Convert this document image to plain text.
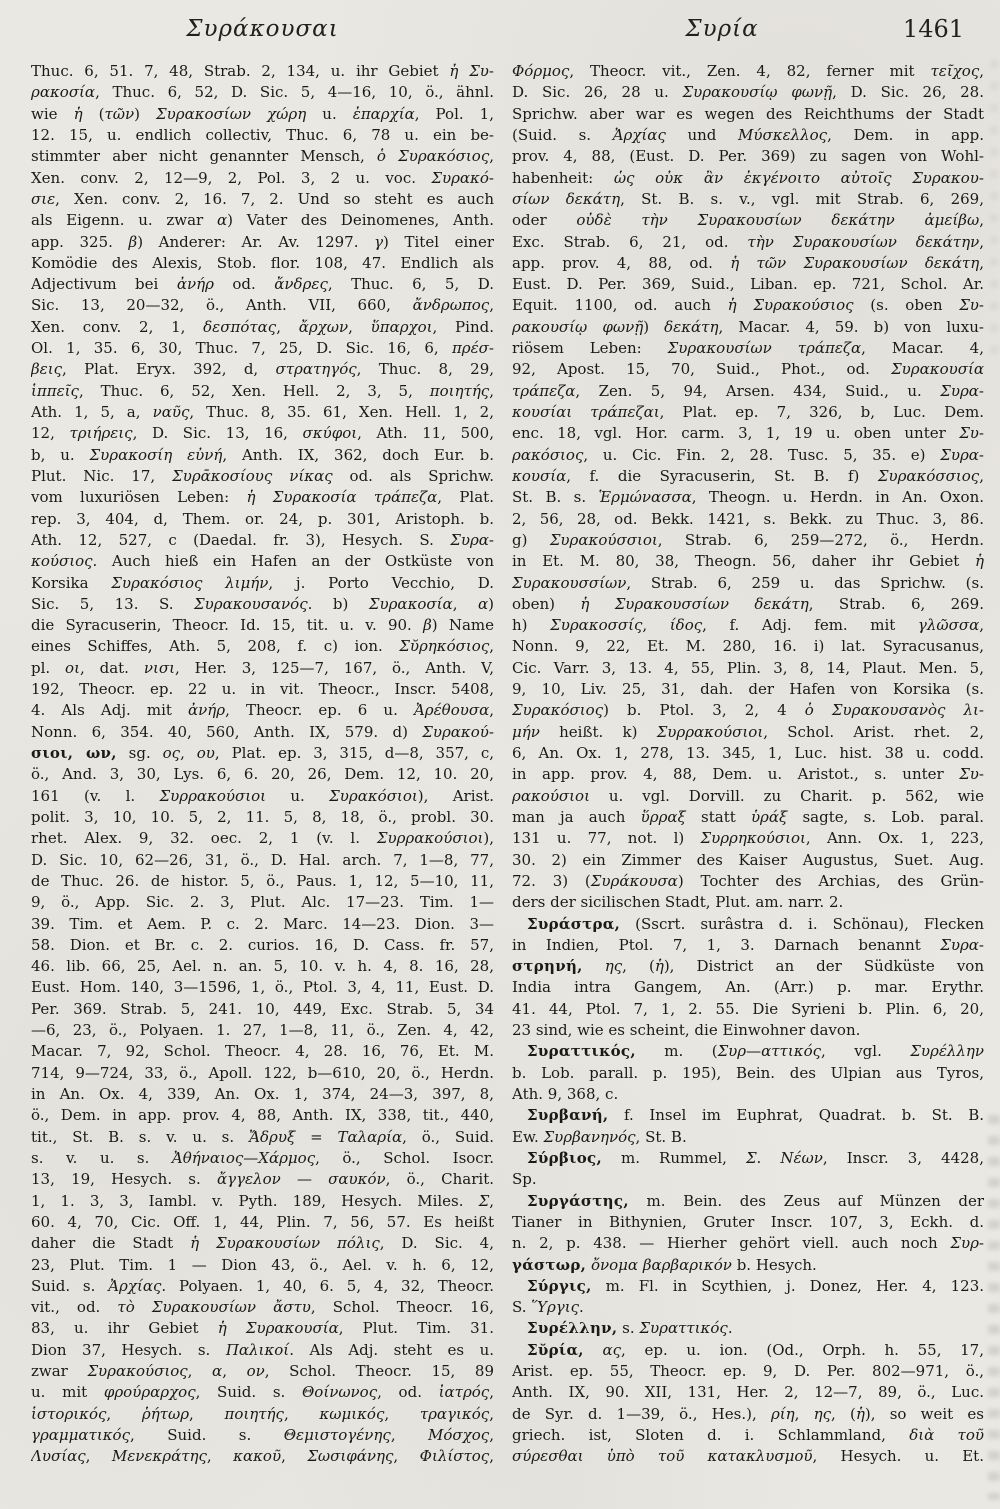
Συράκουσαι	Συρία	1461
Thuc. 6, 51. 7, 48, Strab. 2, 134, u. ihr Gebiet ἡ Συ-
ρακοσία, Thuc. 6, 52, D. Sic. 5, 4—16, 10, ö., ähnl.
wie ἡ (τῶν) Συρακοσίων χώρη u. ἐπαρχία, Pol. 1,
12. 15, u. endlich collectiv, Thuc. 6, 78 u. ein be-
stimmter aber nicht genannter Mensch, ὁ Συρακόσιος,
Xen. conv. 2, 12—9, 2, Pol. 3, 2 u. voc. Συρακό-
σιε, Xen. conv. 2, 16. 7, 2. Und so steht es auch
als Eigenn. u. zwar α) Vater des Deinomenes, Anth.
app. 325. β) Anderer: Ar. Av. 1297. γ) Titel einer
Komödie des Alexis, Stob. flor. 108, 47. Endlich als
Adjectivum bei ἀνήρ od. ἄνδρες, Thuc. 6, 5, D.
Sic. 13, 20—32, ö., Anth. VII, 660, ἄνδρωπος,
Xen. conv. 2, 1, δεσπότας, ἄρχων, ὕπαρχοι, Pind.
Ol. 1, 35. 6, 30, Thuc. 7, 25, D. Sic. 16, 6, πρέσ-
βεις, Plat. Eryx. 392, d, στρατηγός, Thuc. 8, 29,
ἱππεῖς, Thuc. 6, 52, Xen. Hell. 2, 3, 5, ποιητής,
Ath. 1, 5, a, ναῦς, Thuc. 8, 35. 61, Xen. Hell. 1, 2,
12, τριήρεις, D. Sic. 13, 16, σκύφοι, Ath. 11, 500,
b, u. Συρακοσίη εὐνή, Anth. IX, 362, doch Eur. b.
Plut. Nic. 17, Συρᾱκοσίους νίκας od. als Sprichw.
vom luxuriösen Leben: ἡ Συρακοσία τράπεζα, Plat.
rep. 3, 404, d, Them. or. 24, p. 301, Aristoph. b.
Ath. 12, 527, c (Daedal. fr. 3), Hesych. S. Συρα-
κούσιος. Auch hieß ein Hafen an der Ostküste von
Korsika Συρακόσιος λιμήν, j. Porto Vecchio, D.
Sic. 5, 13. S. Συρακουσανός. b) Συρακοσία, α)
die Syracuserin, Theocr. Id. 15, tit. u. v. 90. β) Name
eines Schiffes, Ath. 5, 208, f. c) ion. Σῠρηκόσιος,
pl. οι, dat. νισι, Her. 3, 125—7, 167, ö., Anth. V,
192, Theocr. ep. 22 u. in vit. Theocr., Inscr. 5408,
4. Als Adj. mit ἀνήρ, Theocr. ep. 6 u. Ἀρέθουσα,
Nonn. 6, 354. 40, 560, Anth. IX, 579. d) Συρακού-
σιοι, ων, sg. ος, ου, Plat. ep. 3, 315, d—8, 357, c,
ö., And. 3, 30, Lys. 6, 6. 20, 26, Dem. 12, 10. 20,
161 (v. l. Συρρακούσιοι u. Συρακόσιοι), Arist.
polit. 3, 10, 10. 5, 2, 11. 5, 8, 18, ö., probl. 30.
rhet. Alex. 9, 32. oec. 2, 1 (v. l. Συρρακούσιοι),
D. Sic. 10, 62—26, 31, ö., D. Hal. arch. 7, 1—8, 77,
de Thuc. 26. de histor. 5, ö., Paus. 1, 12, 5—10, 11,
9, ö., App. Sic. 2. 3, Plut. Alc. 17—23. Tim. 1—
39. Tim. et Aem. P. c. 2. Marc. 14—23. Dion. 3—
58. Dion. et Br. c. 2. curios. 16, D. Cass. fr. 57,
46. lib. 66, 25, Ael. n. an. 5, 10. v. h. 4, 8. 16, 28,
Eust. Hom. 140, 3—1596, 1, ö., Ptol. 3, 4, 11, Eust. D.
Per. 369. Strab. 5, 241. 10, 449, Exc. Strab. 5, 34
—6, 23, ö., Polyaen. 1. 27, 1—8, 11, ö., Zen. 4, 42,
Macar. 7, 92, Schol. Theocr. 4, 28. 16, 76, Et. M.
714, 9—724, 33, ö., Apoll. 122, b—610, 20, ö., Herdn.
in An. Ox. 4, 339, An. Ox. 1, 374, 24—3, 397, 8,
ö., Dem. in app. prov. 4, 88, Anth. IX, 338, tit., 440,
tit., St. B. s. v. u. s. Ἄδρυξ = Ταλαρία, ö., Suid.
s. v. u. s. Ἀθήναιος—Χάρμος, ö., Schol. Isocr.
13, 19, Hesych. s. ἄγγελον — σαυκόν, ö., Charit.
1, 1. 3, 3, Iambl. v. Pyth. 189, Hesych. Miles. Σ,
60. 4, 70, Cic. Off. 1, 44, Plin. 7, 56, 57. Es heißt
daher die Stadt ἡ Συρακουσίων πόλις, D. Sic. 4,
23, Plut. Tim. 1 — Dion 43, ö., Ael. v. h. 6, 12,
Suid. s. Ἀρχίας. Polyaen. 1, 40, 6. 5, 4, 32, Theocr.
vit., od. τὸ Συρακουσίων ἄστυ, Schol. Theocr. 16,
83, u. ihr Gebiet ἡ Συρακουσία, Plut. Tim. 31.
Dion 37, Hesych. s. Παλικοί. Als Adj. steht es u.
zwar Συρακούσιος, α, ον, Schol. Theocr. 15, 89
u. mit φρούραρχος, Suid. s. Θοίνωνος, od. ἰατρός,
ἱστορικός, ῥήτωρ, ποιητής, κωμικός, τραγικός,
γραμματικός, Suid. s. Θεμιστογένης, Μόσχος,
Λυσίας, Μενεκράτης, κακοῦ, Σωσιφάνης, Φιλίστος,
Φόρμος, Theocr. vit., Zen. 4, 82, ferner mit τεῖχος,
D. Sic. 26, 28 u. Συρακουσίῳ φωνῇ, D. Sic. 26, 28.
Sprichw. aber war es wegen des Reichthums der Stadt
(Suid. s. Ἀρχίας und Μύσκελλος, Dem. in app.
prov. 4, 88, (Eust. D. Per. 369) zu sagen von Wohl-
habenheit: ὡς οὐκ ἂν ἐκγένοιτο αὐτοῖς Συρακου-
σίων δεκάτη, St. B. s. v., vgl. mit Strab. 6, 269,
oder οὐδὲ τὴν Συρακουσίων δεκάτην ἀμείβω,
Exc. Strab. 6, 21, od. τὴν Συρακουσίων δεκάτην,
app. prov. 4, 88, od. ἡ τῶν Συρακουσίων δεκάτη,
Eust. D. Per. 369, Suid., Liban. ep. 721, Schol. Ar.
Equit. 1100, od. auch ἡ Συρακούσιος (s. oben Συ-
ρακουσίῳ φωνῇ) δεκάτη, Macar. 4, 59. b) von luxu-
riösem Leben: Συρακουσίων τράπεζα, Macar. 4,
92, Apost. 15, 70, Suid., Phot., od. Συρακουσία
τράπεζα, Zen. 5, 94, Arsen. 434, Suid., u. Συρα-
κουσίαι τράπεζαι, Plat. ep. 7, 326, b, Luc. Dem.
enc. 18, vgl. Hor. carm. 3, 1, 19 u. oben unter Συ-
ρακόσιος, u. Cic. Fin. 2, 28. Tusc. 5, 35. e) Συρα-
κουσία, f. die Syracuserin, St. B. f) Συρακόσσιος,
St. B. s. Ἑρμώνασσα, Theogn. u. Herdn. in An. Oxon.
2, 56, 28, od. Bekk. 1421, s. Bekk. zu Thuc. 3, 86.
g) Συρακούσσιοι, Strab. 6, 259—272, ö., Herdn.
in Et. M. 80, 38, Theogn. 56, daher ihr Gebiet ἡ
Συρακουσσίων, Strab. 6, 259 u. das Sprichw. (s.
oben) ἡ Συρακουσσίων δεκάτη, Strab. 6, 269.
h) Συρακοσσίς, ίδος, f. Adj. fem. mit γλῶσσα,
Nonn. 9, 22, Et. M. 280, 16. i) lat. Syracusanus,
Cic. Varr. 3, 13. 4, 55, Plin. 3, 8, 14, Plaut. Men. 5,
9, 10, Liv. 25, 31, dah. der Hafen von Korsika (s.
Συρακόσιος) b. Ptol. 3, 2, 4 ὁ Συρακουσανὸς λι-
μήν heißt. k) Συρρακούσιοι, Schol. Arist. rhet. 2,
6, An. Ox. 1, 278, 13. 345, 1, Luc. hist. 38 u. codd.
in app. prov. 4, 88, Dem. u. Aristot., s. unter Συ-
ρακούσιοι u. vgl. Dorvill. zu Charit. p. 562, wie
man ja auch ὕρραξ statt ὑράξ sagte, s. Lob. paral.
131 u. 77, not. l) Συρρηκούσιοι, Ann. Ox. 1, 223,
30. 2) ein Zimmer des Kaiser Augustus, Suet. Aug.
72. 3) (Συράκουσα) Tochter des Archias, des Grün-
ders der sicilischen Stadt, Plut. am. narr. 2.
Συράστρα, (Sscrt. surâstra d. i. Schönau), Flecken
in Indien, Ptol. 7, 1, 3. Darnach benannt Συρα-
στρηνή, ης, (ἡ), District an der Südküste von
India intra Gangem, An. (Arr.) p. mar. Erythr.
41. 44, Ptol. 7, 1, 2. 55. Die Syrieni b. Plin. 6, 20,
23 sind, wie es scheint, die Einwohner davon.
Συραττικός, m. (Συρ—αττικός, vgl. Συρέλλην
b. Lob. parall. p. 195), Bein. des Ulpian aus Tyros,
Ath. 9, 368, c.
Συρβανή, f. Insel im Euphrat, Quadrat. b. St. B.
Ew. Συρβανηνός, St. B.
Σύρβιος, m. Rummel, Σ. Νέων, Inscr. 3, 4428,
Sp.
Συργάστης, m. Bein. des Zeus auf Münzen der
Tianer in Bithynien, Gruter Inscr. 107, 3, Eckh. d.
n. 2, p. 438. — Hierher gehört viell. auch noch Συρ-
γάστωρ, ὄνομα βαρβαρικόν b. Hesych.
Σύργις, m. Fl. in Scythien, j. Donez, Her. 4, 123.
S. Ὕργις.
Συρέλλην, s. Συραττικός.
Σῠρία, ας, ep. u. ion. (Od., Orph. h. 55, 17,
Arist. ep. 55, Theocr. ep. 9, D. Per. 802—971, ö.,
Anth. IX, 90. XII, 131, Her. 2, 12—7, 89, ö., Luc.
de Syr. d. 1—39, ö., Hes.), ρίη, ης, (ἡ), so weit es
griech. ist, Sloten d. i. Schlammland, διὰ τοῦ
σύρεσθαι ὑπὸ τοῦ κατακλυσμοῦ, Hesych. u. Et.
